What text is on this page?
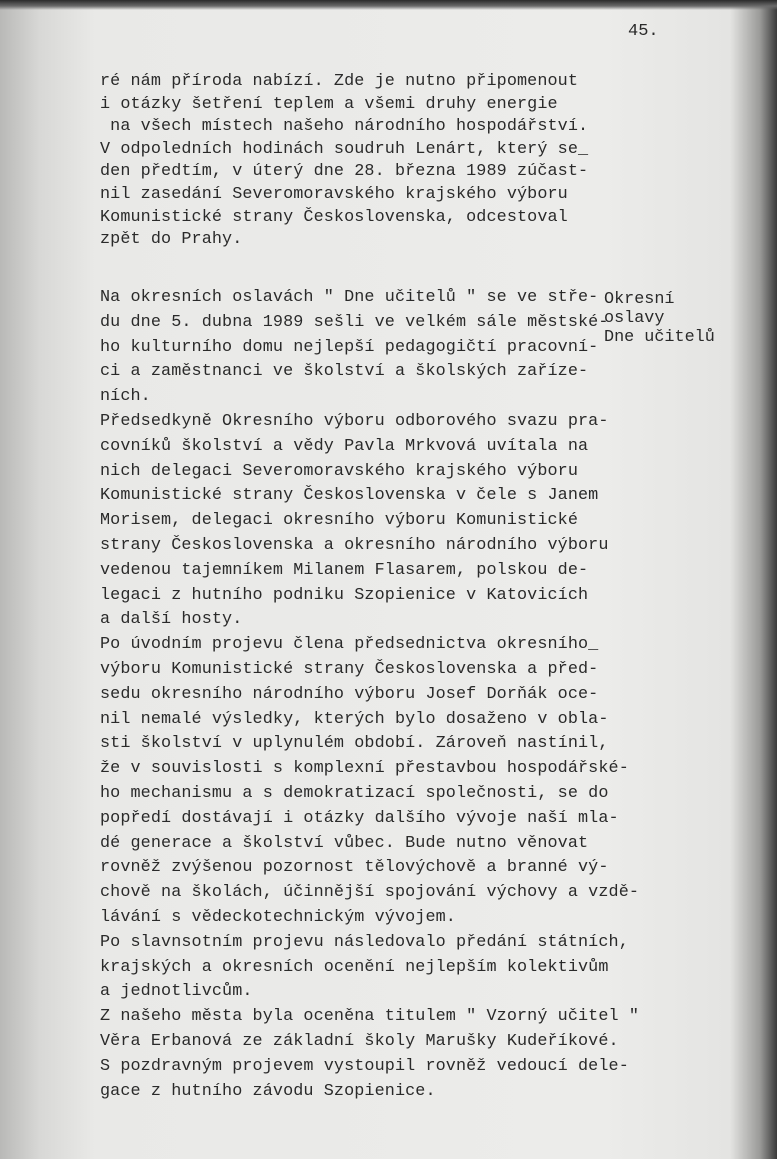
45.
ré nám příroda nabízí. Zde je nutno připomenout
i otázky šetření teplem a všemi druhy energie
na všech místech našeho národního hospodářství.
V odpoledních hodinách soudruh Lenárt, který se_
den předtím, v úterý dne 28. března 1989 zúčast-
nil zasedání Severomoravského krajského výboru
Komunistické strany Československa, odcestoval
zpět do Prahy.
Na okresních oslavách " Dne učitelů " se ve stře-
du dne 5. dubna 1989 sešli ve velkém sále městské-
ho kulturního domu nejlepší pedagogičtí pracovní-
ci a zaměstnanci ve školství a školských zaříze-
ních.
Předsedkyně Okresního výboru odborového svazu pra-
covníků školství a vědy Pavla Mrkvová uvítala na
nich delegaci Severomoravského krajského výboru
Komunistické strany Československa v čele s Janem
Morisem, delegaci okresního výboru Komunistické
strany Československa a okresního národního výboru
vedenou tajemníkem Milanem Flasarem, polskou de-
legaci z hutního podniku Szopienice v Katovicích
a další hosty.
Po úvodním projevu člena předsednictva okresního_
výboru Komunistické strany Československa a před-
sedu okresního národního výboru Josef Dorňák oce-
nil nemalé výsledky, kterých bylo dosaženo v obla-
sti školství v uplynulém období. Zároveň nastínil,
že v souvislosti s komplexní přestavbou hospodářské-
ho mechanismu a s demokratizací společnosti, se do
popředí dostávají i otázky dalšího vývoje naší mla-
dé generace a školství vůbec. Bude nutno věnovat
rovněž zvýšenou pozornost tělovýchově a branné vý-
chově na školách, účinnější spojování výchovy a vzdě-
lávání s vědeckotechnickým vývojem.
Po slavnsotním projevu následovalo předání státních,
krajských a okresních ocenění nejlepším kolektivům
a jednotlivcům.
Z našeho města byla oceněna titulem " Vzorný učitel "
Věra Erbanová ze základní školy Marušky Kudeříkové.
S pozdravným projevem vystoupil rovněž vedoucí dele-
gace z hutního závodu Szopienice.
Okresní
oslavy
Dne učitelů
